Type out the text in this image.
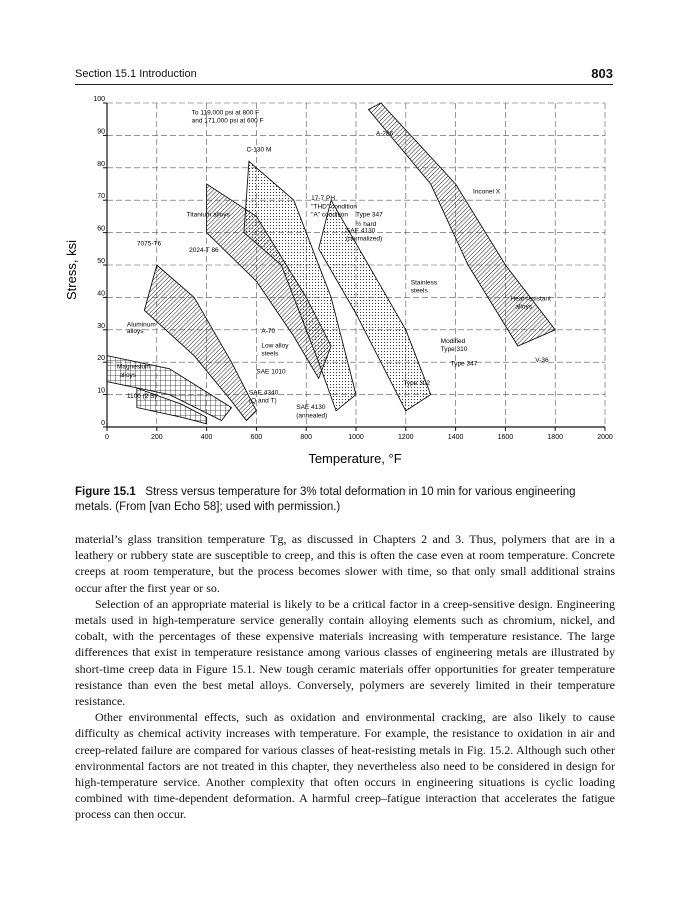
Section 15.1 Introduction	803
0	200	400	600	800	1000	1200	1400	1600	1800	2000
0
10
20
30
40
50
60
70
80
90
100
To 119,000 psi at 800 F
and 171,000 psi at 600 F
A-286
C-130 M
Inconel X
17-7 PH
"THD" condition
"A" condition Type 347
½ hard
SAE 4130
(normalized)
Titanium alloys
7075-T6
2024-T 86
Stainless
steels
Heat-resistant
alloys
Aluminum
alloys	A-70
Low alloy
steels
SAE 1010
Modified
Type 310
Type 347	V-36
Magnesium
alloys
Type 302
SAE 4340
(Q and T)
1100 (2 S)
SAE 4130
(annealed)
Temperature, °F
Stress, ksi
Figure 15.1 Stress versus temperature for 3% total deformation in 10 min for various engineering metals. (From [van Echo 58]; used with permission.)

material’s glass transition temperature Tg, as discussed in Chapters 2 and 3. Thus, polymers that are in a leathery or rubbery state are susceptible to creep, and this is often the case even at room temperature. Concrete creeps at room temperature, but the process becomes slower with time, so that only small additional strains occur after the first year or so.

Selection of an appropriate material is likely to be a critical factor in a creep-sensitive design. Engineering metals used in high-temperature service generally contain alloying elements such as chromium, nickel, and cobalt, with the percentages of these expensive materials increasing with temperature resistance. The large differences that exist in temperature resistance among various classes of engineering metals are illustrated by short-time creep data in Figure 15.1. New tough ceramic materials offer opportunities for greater temperature resistance than even the best metal alloys. Conversely, polymers are severely limited in their temperature resistance.

Other environmental effects, such as oxidation and environmental cracking, are also likely to cause difficulty as chemical activity increases with temperature. For example, the resistance to oxidation in air and creep-related failure are compared for various classes of heat-resisting metals in Fig. 15.2. Although such other environmental factors are not treated in this chapter, they nevertheless also need to be considered in design for high-temperature service. Another complexity that often occurs in engineering situations is cyclic loading combined with time-dependent deformation. A harmful creep–fatigue interaction that accelerates the fatigue process can then occur.
